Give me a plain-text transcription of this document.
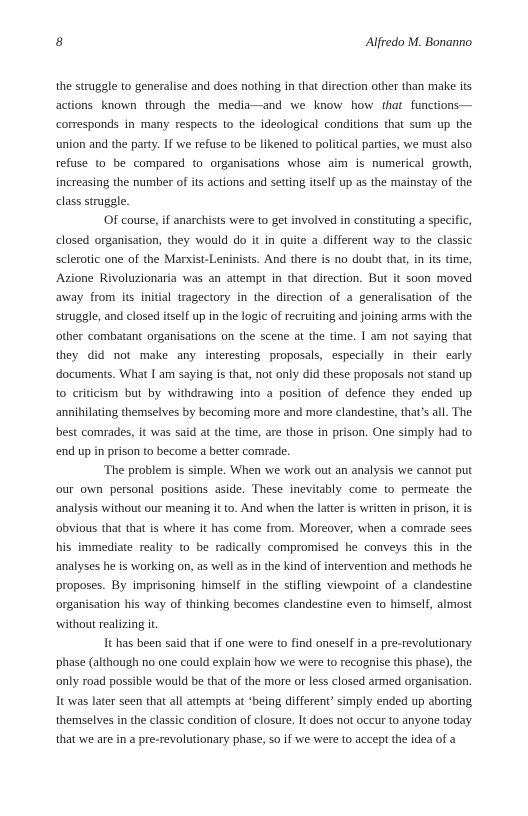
8	Alfredo M. Bonanno

the struggle to generalise and does nothing in that direction other than make its actions known through the media—and we know how that functions—corresponds in many respects to the ideological conditions that sum up the union and the party. If we refuse to be likened to political parties, we must also refuse to be compared to organisations whose aim is numerical growth, increasing the number of its actions and setting itself up as the mainstay of the class struggle.

Of course, if anarchists were to get involved in constituting a specific, closed organisation, they would do it in quite a different way to the classic sclerotic one of the Marxist-Leninists. And there is no doubt that, in its time, Azione Rivoluzionaria was an attempt in that direction. But it soon moved away from its initial tragectory in the direction of a generalisation of the struggle, and closed itself up in the logic of recruiting and joining arms with the other combatant organisations on the scene at the time. I am not saying that they did not make any interesting proposals, especially in their early documents. What I am saying is that, not only did these proposals not stand up to criticism but by withdrawing into a position of defence they ended up annihilating themselves by becoming more and more clandestine, that’s all. The best comrades, it was said at the time, are those in prison. One simply had to end up in prison to become a better comrade.

The problem is simple. When we work out an analysis we cannot put our own personal positions aside. These inevitably come to permeate the analysis without our meaning it to. And when the latter is written in prison, it is obvious that that is where it has come from. Moreover, when a comrade sees his immediate reality to be radically compromised he conveys this in the analyses he is working on, as well as in the kind of intervention and methods he proposes. By imprisoning himself in the stifling viewpoint of a clandestine organisation his way of thinking becomes clandestine even to himself, almost without realizing it.

It has been said that if one were to find oneself in a pre-revolutionary phase (although no one could explain how we were to recognise this phase), the only road possible would be that of the more or less closed armed organisation. It was later seen that all attempts at ‘being different’ simply ended up aborting themselves in the classic condition of closure. It does not occur to anyone today that we are in a pre-revolutionary phase, so if we were to accept the idea of a
